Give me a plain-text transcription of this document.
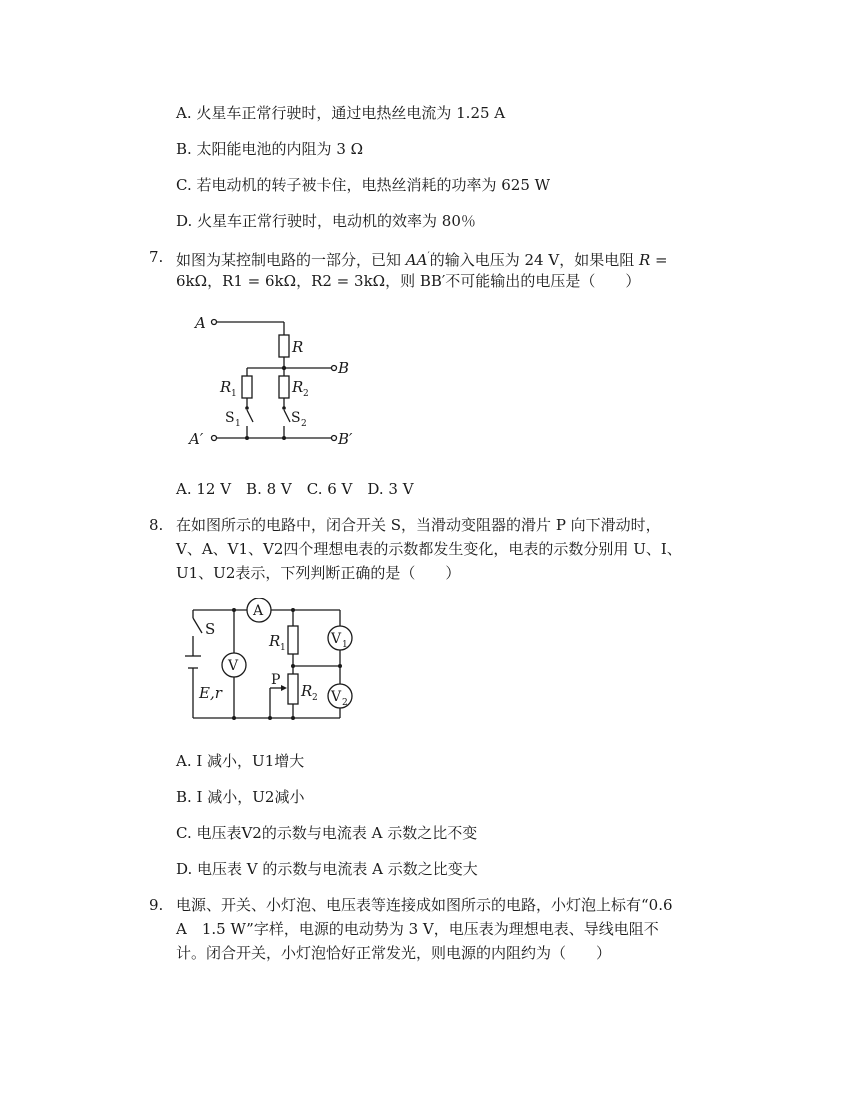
A. 火星车正常行驶时，通过电热丝电流为 1.25 A
B. 太阳能电池的内阻为 3 Ω
C. 若电动机的转子被卡住，电热丝消耗的功率为 625 W
D. 火星车正常行驶时，电动机的效率为 80％
7. 如图为某控制电路的一部分，已知 AA′的输入电压为 24 V，如果电阻 R =
6kΩ，R1 = 6kΩ，R2 = 3kΩ，则 BB′不可能输出的电压是（　　）
A
R
B
R 1	R 2
S 1	S 2
A′	B′
A. 12 V　B. 8 V　C. 6 V　D. 3 V
8. 在如图所示的电路中，闭合开关 S，当滑动变阻器的滑片 P 向下滑动时，
V、A、V1、V2四个理想电表的示数都发生变化，电表的示数分别用 U、I、
U1、U2表示，下列判断正确的是（　　）
A
V
V 1
V 2
S
R 1
R 2
P
E,r
A. I 减小，U1增大
B. I 减小，U2减小
C. 电压表V2的示数与电流表 A 示数之比不变
D. 电压表 V 的示数与电流表 A 示数之比变大
9. 电源、开关、小灯泡、电压表等连接成如图所示的电路，小灯泡上标有“0.6
A　1.5 W”字样，电源的电动势为 3 V，电压表为理想电表、导线电阻不
计。闭合开关，小灯泡恰好正常发光，则电源的内阻约为（　　）
